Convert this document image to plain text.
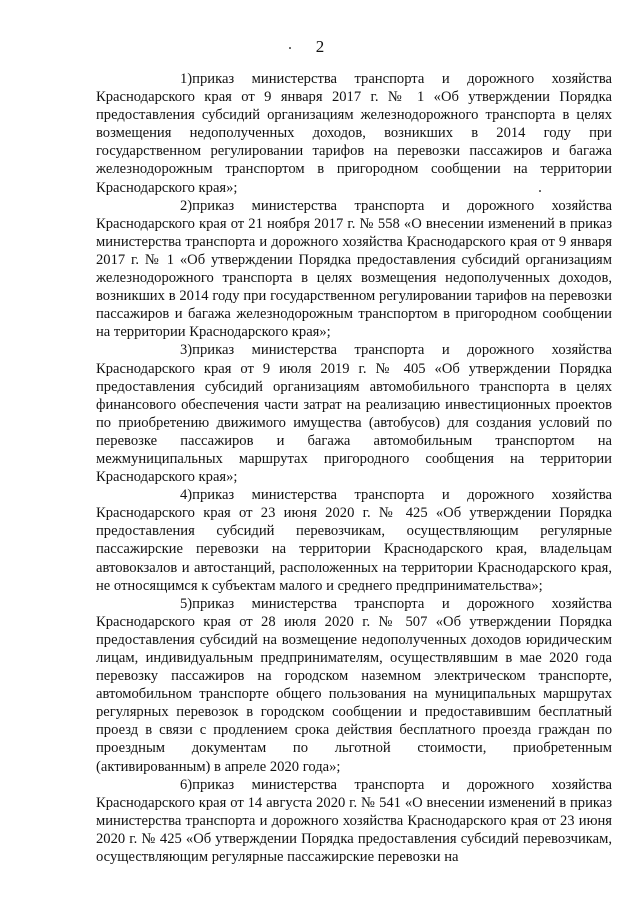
2

1)приказ министерства транспорта и дорожного хозяйства Краснодарского края от 9 января 2017 г. № 1 «Об утверждении Порядка предоставления субсидий организациям железнодорожного транспорта в целях возмещения недополученных доходов, возникших в 2014 году при государственном регулировании тарифов на перевозки пассажиров и багажа железнодорожным транспортом в пригородном сообщении на территории Краснодарского края»;

2)приказ министерства транспорта и дорожного хозяйства Краснодарского края от 21 ноября 2017 г. № 558 «О внесении изменений в приказ министерства транспорта и дорожного хозяйства Краснодарского края от 9 января 2017 г. № 1 «Об утверждении Порядка предоставления субсидий организациям железнодорожного транспорта в целях возмещения недополученных доходов, возникших в 2014 году при государственном регулировании тарифов на перевозки пассажиров и багажа железнодорожным транспортом в пригородном сообщении на территории Краснодарского края»;

3)приказ министерства транспорта и дорожного хозяйства Краснодарского края от 9 июля 2019 г. № 405 «Об утверждении Порядка предоставления субсидий организациям автомобильного транспорта в целях финансового обеспечения части затрат на реализацию инвестиционных проектов по приобретению движимого имущества (автобусов) для создания условий по перевозке пассажиров и багажа автомобильным транспортом на межмуниципальных маршрутах пригородного сообщения на территории Краснодарского края»;

4)приказ министерства транспорта и дорожного хозяйства Краснодарского края от 23 июня 2020 г. № 425 «Об утверждении Порядка предоставления субсидий перевозчикам, осуществляющим регулярные пассажирские перевозки на территории Краснодарского края, владельцам автовокзалов и автостанций, расположенных на территории Краснодарского края, не относящимся к субъектам малого и среднего предпринимательства»;

5)приказ министерства транспорта и дорожного хозяйства Краснодарского края от 28 июля 2020 г. № 507 «Об утверждении Порядка предоставления субсидий на возмещение недополученных доходов юридическим лицам, индивидуальным предпринимателям, осуществлявшим в мае 2020 года перевозку пассажиров на городском наземном электрическом транспорте, автомобильном транспорте общего пользования на муниципальных маршрутах регулярных перевозок в городском сообщении и предоставившим бесплатный проезд в связи с продлением срока действия бесплатного проезда граждан по проездным документам по льготной стоимости, приобретенным (активированным) в апреле 2020 года»;

6)приказ министерства транспорта и дорожного хозяйства Краснодарского края от 14 августа 2020 г. № 541 «О внесении изменений в приказ министерства транспорта и дорожного хозяйства Краснодарского края от 23 июня 2020 г. № 425 «Об утверждении Порядка предоставления субсидий перевозчикам, осуществляющим регулярные пассажирские перевозки на
